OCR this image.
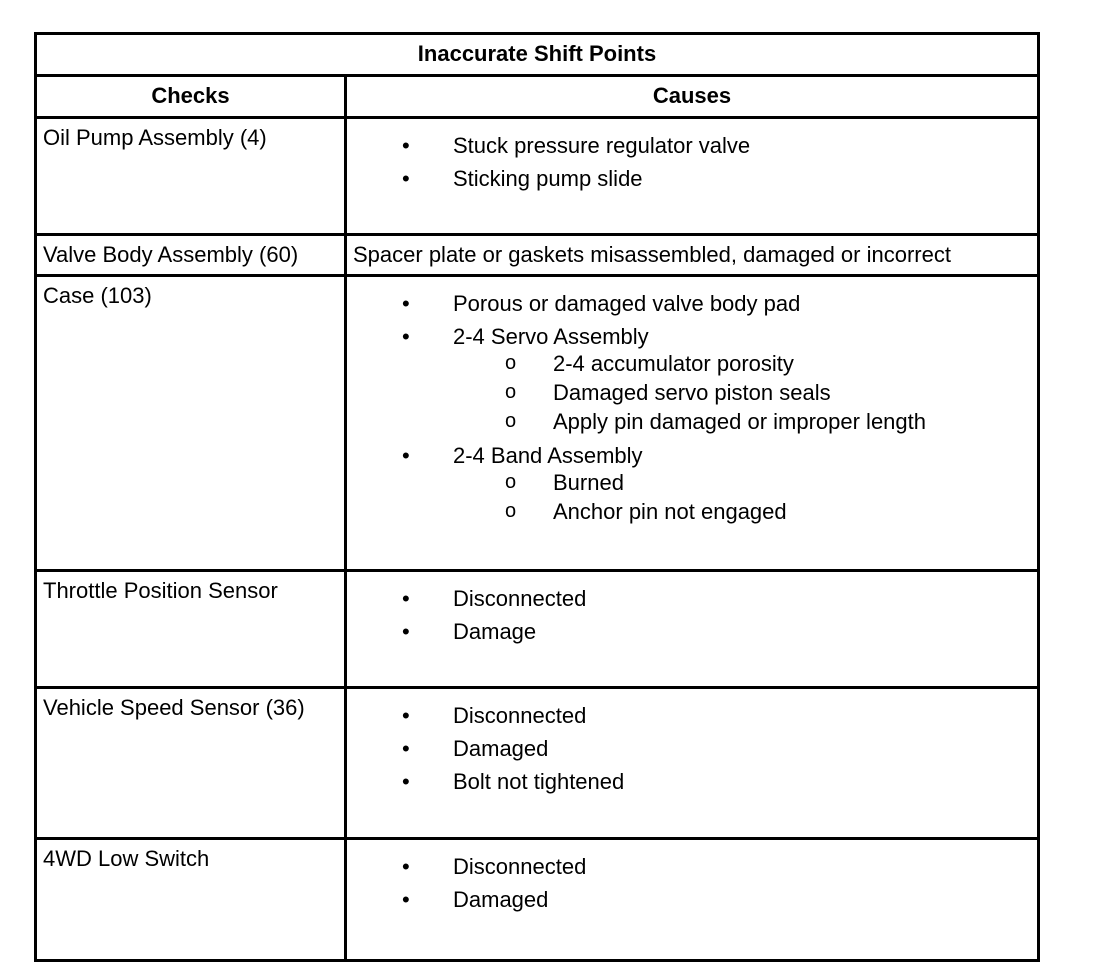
Inaccurate Shift Points
Checks	Causes
Oil Pump Assembly (4)	• Stuck pressure regulator valve
• Sticking pump slide
Valve Body Assembly (60)	Spacer plate or gaskets misassembled, damaged or incorrect
Case (103)	• Porous or damaged valve body pad
• 2-4 Servo Assembly
o 2-4 accumulator porosity
o Damaged servo piston seals
o Apply pin damaged or improper length
• 2-4 Band Assembly
o Burned
o Anchor pin not engaged
Throttle Position Sensor	• Disconnected
• Damage
Vehicle Speed Sensor (36)	• Disconnected
• Damaged
• Bolt not tightened
4WD Low Switch	• Disconnected
• Damaged
